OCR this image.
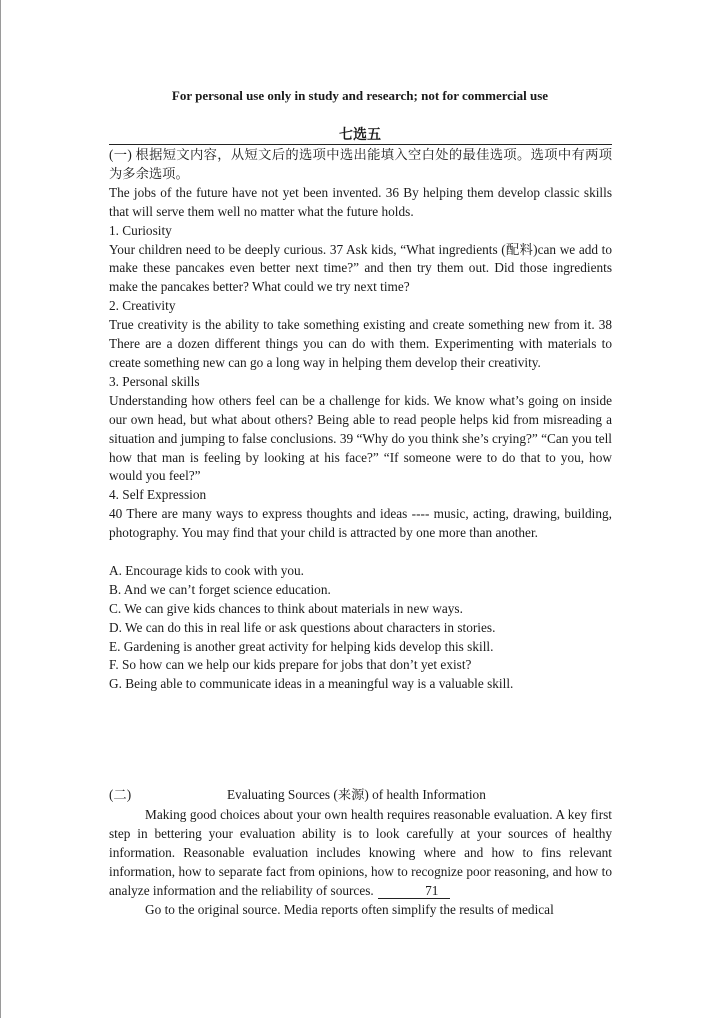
For personal use only in study and research; not for commercial use
七选五

(一) 根据短文内容，从短文后的选项中选出能填入空白处的最佳选项。选项中有两项为多余选项。

The jobs of the future have not yet been invented. 36 By helping them develop classic skills that will serve them well no matter what the future holds.

1. Curiosity

Your children need to be deeply curious. 37 Ask kids, “What ingredients (配料)can we add to make these pancakes even better next time?” and then try them out. Did those ingredients make the pancakes better? What could we try next time?

2. Creativity

True creativity is the ability to take something existing and create something new from it. 38 There are a dozen different things you can do with them. Experimenting with materials to create something new can go a long way in helping them develop their creativity.

3. Personal skills

Understanding how others feel can be a challenge for kids. We know what’s going on inside our own head, but what about others? Being able to read people helps kid from misreading a situation and jumping to false conclusions. 39 “Why do you think she’s crying?” “Can you tell how that man is feeling by looking at his face?” “If someone were to do that to you, how would you feel?”

4. Self Expression

40 There are many ways to express thoughts and ideas ---- music, acting, drawing, building, photography. You may find that your child is attracted by one more than another.

A. Encourage kids to cook with you.

B. And we can’t forget science education.

C. We can give kids chances to think about materials in new ways.

D. We can do this in real life or ask questions about characters in stories.

E. Gardening is another great activity for helping kids develop this skill.

F. So how can we help our kids prepare for jobs that don’t yet exist?

G. Being able to communicate ideas in a meaningful way is a valuable skill.

(二)	Evaluating Sources (来源) of health Information

Making good choices about your own health requires reasonable evaluation. A key first step in bettering your evaluation ability is to look carefully at your sources of healthy information. Reasonable evaluation includes knowing where and how to fins relevant information, how to separate fact from opinions, how to recognize poor reasoning, and how to analyze information and the reliability of sources.	71

Go to the original source. Media reports often simplify the results of medical
